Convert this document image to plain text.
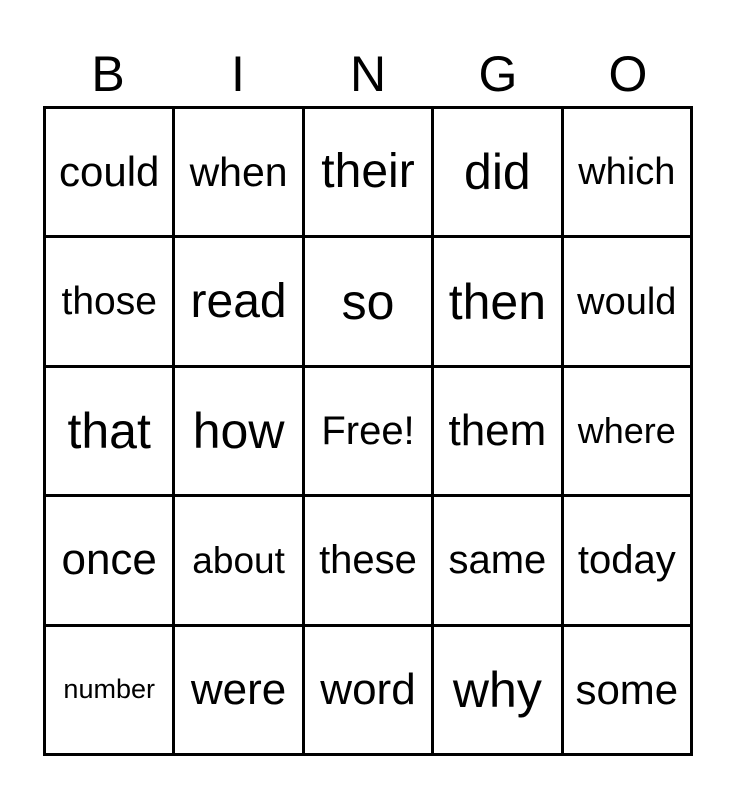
B	I	N	G	O
could when their did which
those read so then would
that how Free! them where
once about these same today
number were word why some
